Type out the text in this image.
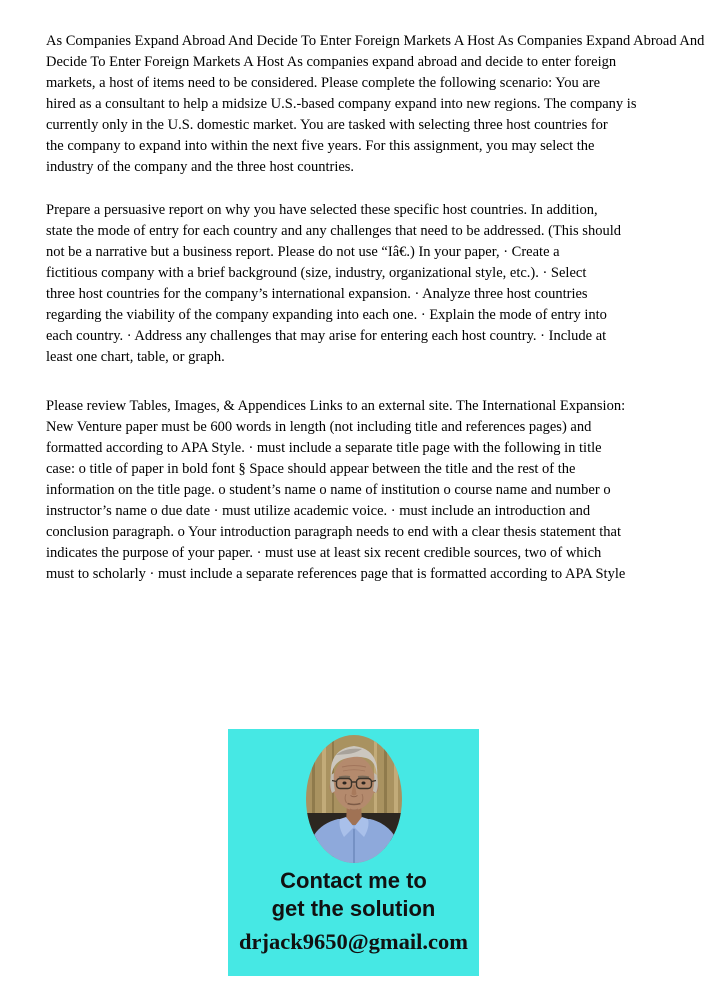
As Companies Expand Abroad And Decide To Enter Foreign Markets A Host As Companies Expand Abroad And
Decide To Enter Foreign Markets A Host As companies expand abroad and decide to enter foreign
markets, a host of items need to be considered. Please complete the following scenario: You are
hired as a consultant to help a midsize U.S.-based company expand into new regions. The company is
currently only in the U.S. domestic market. You are tasked with selecting three host countries for
the company to expand into within the next five years. For this assignment, you may select the
industry of the company and the three host countries.
Prepare a persuasive report on why you have selected these specific host countries. In addition,
state the mode of entry for each country and any challenges that need to be addressed. (This should
not be a narrative but a business report. Please do not use “Iâ€.) In your paper, · Create a
fictitious company with a brief background (size, industry, organizational style, etc.). · Select
three host countries for the company’s international expansion. · Analyze three host countries
regarding the viability of the company expanding into each one. · Explain the mode of entry into
each country. · Address any challenges that may arise for entering each host country. · Include at
least one chart, table, or graph.
Please review Tables, Images, & Appendices Links to an external site. The International Expansion:
New Venture paper must be 600 words in length (not including title and references pages) and
formatted according to APA Style. · must include a separate title page with the following in title
case: o title of paper in bold font § Space should appear between the title and the rest of the
information on the title page. o student’s name o name of institution o course name and number o
instructor’s name o due date · must utilize academic voice. · must include an introduction and
conclusion paragraph. o Your introduction paragraph needs to end with a clear thesis statement that
indicates the purpose of your paper. · must use at least six recent credible sources, two of which
must to scholarly · must include a separate references page that is formatted according to APA Style
Contact me to
get the solution
drjack9650@gmail.com
